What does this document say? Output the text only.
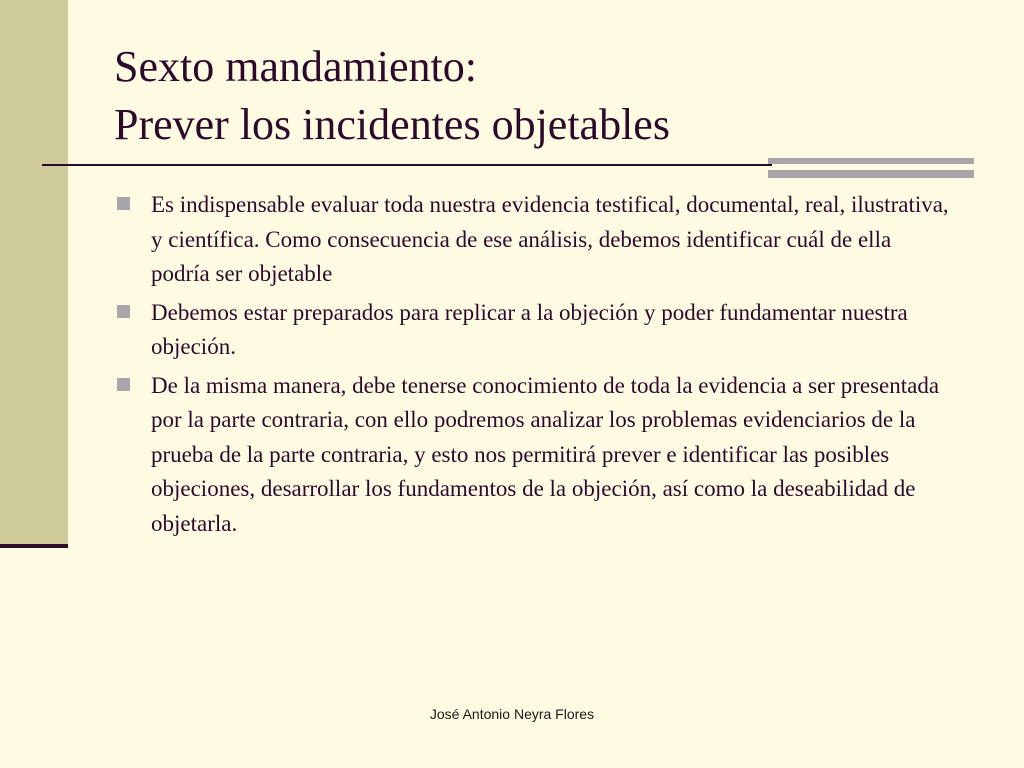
Sexto mandamiento:
Prever los incidentes objetables
Es indispensable evaluar toda nuestra evidencia testifical, documental, real, ilustrativa, y científica. Como consecuencia de ese análisis, debemos identificar cuál de ella podría ser objetable
Debemos estar preparados para replicar a la objeción y poder fundamentar nuestra objeción.
De la misma manera, debe tenerse conocimiento de toda la evidencia a ser presentada por la parte contraria, con ello podremos analizar los problemas evidenciarios de la prueba de la parte contraria, y esto nos permitirá prever e identificar las posibles objeciones, desarrollar los fundamentos de la objeción, así como la deseabilidad de objetarla.
José Antonio Neyra Flores
